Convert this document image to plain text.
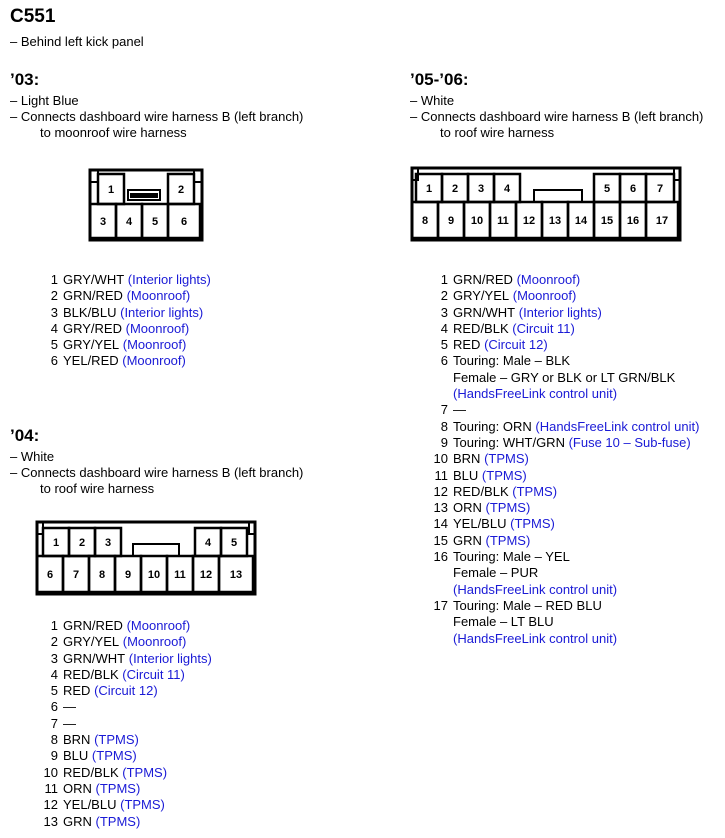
C551
– Behind left kick panel
’03:
– Light Blue
– Connects dashboard wire harness B (left branch)
to moonroof wire harness
1	2
3 4 5 6
1 GRY/WHT
(Interior lights)
2 GRN/RED
(Moonroof)
3 BLK/BLU
(Interior lights)
4 GRY/RED
(Moonroof)
5 GRY/YEL
(Moonroof)
6 YEL/RED
(Moonroof)
’04:
– White
– Connects dashboard wire harness B (left branch)
to roof wire harness
1 2 3	4 5
6 7 8 9 10 11 12 13
1 GRN/RED
(Moonroof)
2 GRY/YEL
(Moonroof)
3 GRN/WHT
(Interior lights)
4 RED/BLK
(Circuit 11)
5 RED
(Circuit 12)
6 —
7 —
8 BRN
(TPMS)
9 BLU
(TPMS)
10 RED/BLK
(TPMS)
11 ORN
(TPMS)
12 YEL/BLU
(TPMS)
13 GRN
(TPMS)
’05-’06:
– White
– Connects dashboard wire harness B (left branch)
to roof wire harness
1 2 3 4	5 6 7
8 9 10 11 12 13 14 15 16 17
1 GRN/RED
(Moonroof)
2 GRY/YEL
(Moonroof)
3 GRN/WHT
(Interior lights)
4 RED/BLK
(Circuit 11)
5 RED
(Circuit 12)
6 Touring: Male – BLK
Female – GRY or BLK or LT GRN/BLK
(HandsFreeLink control unit)
7 —
8 Touring: ORN
(HandsFreeLink control unit)
9 Touring: WHT/GRN
(Fuse 10 – Sub-fuse)
10 BRN
(TPMS)
11 BLU
(TPMS)
12 RED/BLK
(TPMS)
13 ORN
(TPMS)
14 YEL/BLU
(TPMS)
15 GRN
(TPMS)
16 Touring: Male – YEL
Female – PUR
(HandsFreeLink control unit)
17 Touring: Male – RED BLU
Female – LT BLU
(HandsFreeLink control unit)
